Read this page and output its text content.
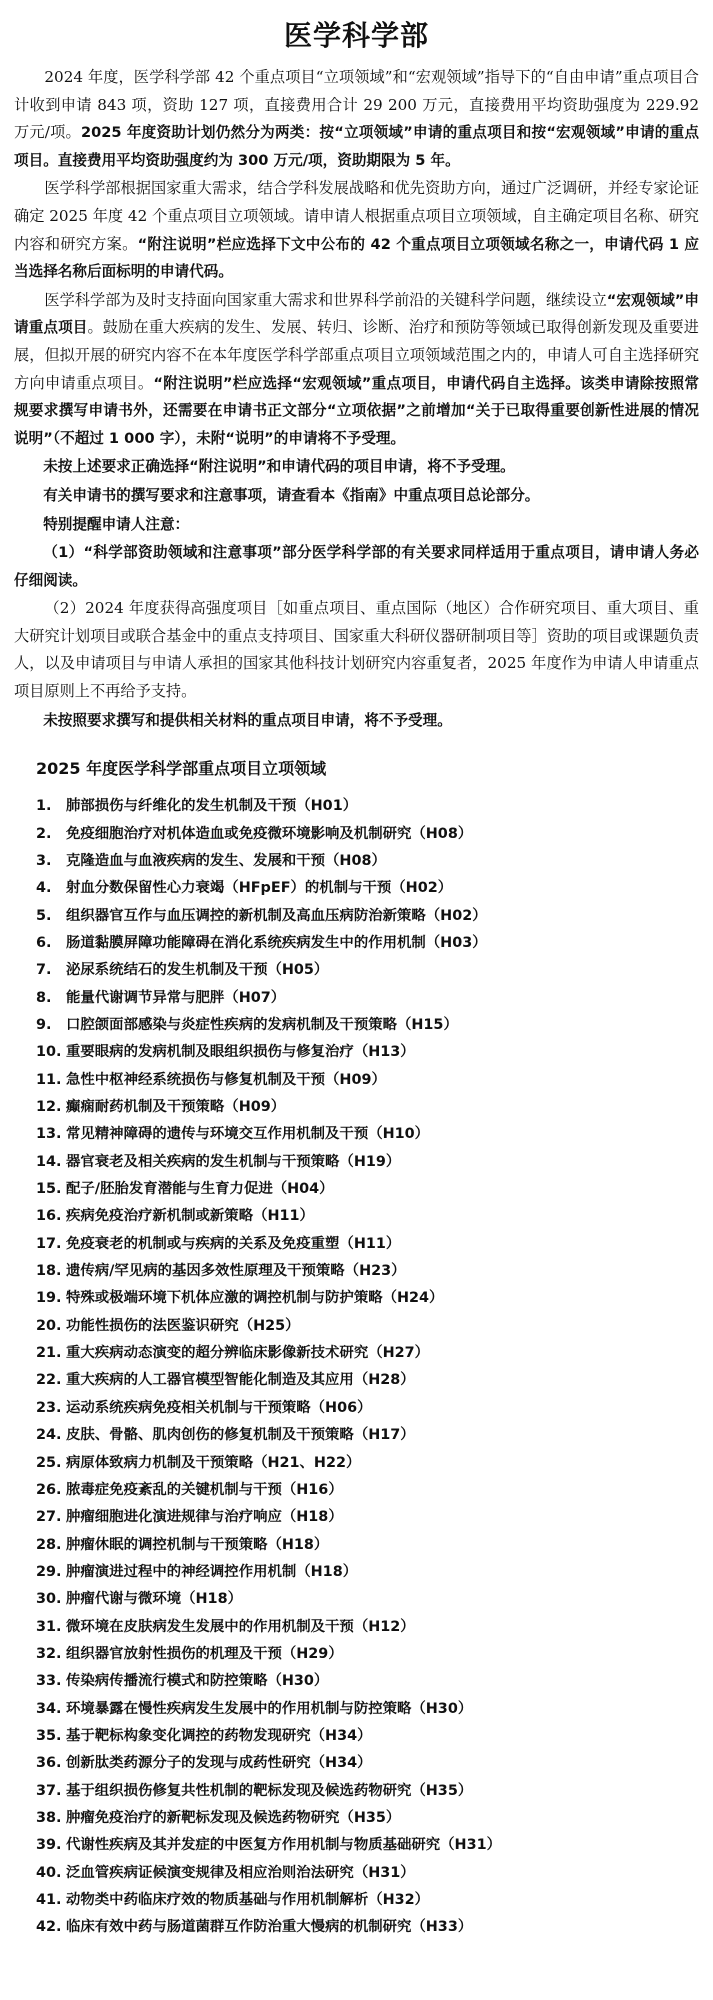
医学科学部

2024 年度，医学科学部 42 个重点项目“立项领域”和“宏观领域”指导下的“自由申请”重点项目合计收到申请 843 项，资助 127 项，直接费用合计 29 200 万元，直接费用平均资助强度为 229.92 万元/项。2025 年度资助计划仍然分为两类：按“立项领域”申请的重点项目和按“宏观领域”申请的重点项目。直接费用平均资助强度约为 300 万元/项，资助期限为 5 年。

医学科学部根据国家重大需求，结合学科发展战略和优先资助方向，通过广泛调研，并经专家论证确定 2025 年度 42 个重点项目立项领域。请申请人根据重点项目立项领域，自主确定项目名称、研究内容和研究方案。“附注说明”栏应选择下文中公布的 42 个重点项目立项领域名称之一，申请代码 1 应当选择名称后面标明的申请代码。

医学科学部为及时支持面向国家重大需求和世界科学前沿的关键科学问题，继续设立“宏观领域”申请重点项目。鼓励在重大疾病的发生、发展、转归、诊断、治疗和预防等领域已取得创新发现及重要进展，但拟开展的研究内容不在本年度医学科学部重点项目立项领域范围之内的，申请人可自主选择研究方向申请重点项目。“附注说明”栏应选择“宏观领域”重点项目，申请代码自主选择。该类申请除按照常规要求撰写申请书外，还需要在申请书正文部分“立项依据”之前增加“关于已取得重要创新性进展的情况说明”（不超过 1 000 字），未附“说明”的申请将不予受理。

未按上述要求正确选择“附注说明”和申请代码的项目申请，将不予受理。

有关申请书的撰写要求和注意事项，请查看本《指南》中重点项目总论部分。

特别提醒申请人注意：

（1）“科学部资助领域和注意事项”部分医学科学部的有关要求同样适用于重点项目，请申请人务必仔细阅读。

（2）2024 年度获得高强度项目［如重点项目、重点国际（地区）合作研究项目、重大项目、重大研究计划项目或联合基金中的重点支持项目、国家重大科研仪器研制项目等］资助的项目或课题负责人，以及申请项目与申请人承担的国家其他科技计划研究内容重复者，2025 年度作为申请人申请重点项目原则上不再给予支持。

未按照要求撰写和提供相关材料的重点项目申请，将不予受理。

2025 年度医学科学部重点项目立项领域
1. 肺部损伤与纤维化的发生机制及干预（H01）
2. 免疫细胞治疗对机体造血或免疫微环境影响及机制研究（H08）
3. 克隆造血与血液疾病的发生、发展和干预（H08）
4. 射血分数保留性心力衰竭（HFpEF）的机制与干预（H02）
5. 组织器官互作与血压调控的新机制及高血压病防治新策略（H02）
6. 肠道黏膜屏障功能障碍在消化系统疾病发生中的作用机制（H03）
7. 泌尿系统结石的发生机制及干预（H05）
8. 能量代谢调节异常与肥胖（H07）
9. 口腔颌面部感染与炎症性疾病的发病机制及干预策略（H15）
10. 重要眼病的发病机制及眼组织损伤与修复治疗（H13）
11. 急性中枢神经系统损伤与修复机制及干预（H09）
12. 癫痫耐药机制及干预策略（H09）
13. 常见精神障碍的遗传与环境交互作用机制及干预（H10）
14. 器官衰老及相关疾病的发生机制与干预策略（H19）
15. 配子/胚胎发育潜能与生育力促进（H04）
16. 疾病免疫治疗新机制或新策略（H11）
17. 免疫衰老的机制或与疾病的关系及免疫重塑（H11）
18. 遗传病/罕见病的基因多效性原理及干预策略（H23）
19. 特殊或极端环境下机体应激的调控机制与防护策略（H24）
20. 功能性损伤的法医鉴识研究（H25）
21. 重大疾病动态演变的超分辨临床影像新技术研究（H27）
22. 重大疾病的人工器官模型智能化制造及其应用（H28）
23. 运动系统疾病免疫相关机制与干预策略（H06）
24. 皮肤、骨骼、肌肉创伤的修复机制及干预策略（H17）
25. 病原体致病力机制及干预策略（H21、H22）
26. 脓毒症免疫紊乱的关键机制与干预（H16）
27. 肿瘤细胞进化演进规律与治疗响应（H18）
28. 肿瘤休眠的调控机制与干预策略（H18）
29. 肿瘤演进过程中的神经调控作用机制（H18）
30. 肿瘤代谢与微环境（H18）
31. 微环境在皮肤病发生发展中的作用机制及干预（H12）
32. 组织器官放射性损伤的机理及干预（H29）
33. 传染病传播流行模式和防控策略（H30）
34. 环境暴露在慢性疾病发生发展中的作用机制与防控策略（H30）
35. 基于靶标构象变化调控的药物发现研究（H34）
36. 创新肽类药源分子的发现与成药性研究（H34）
37. 基于组织损伤修复共性机制的靶标发现及候选药物研究（H35）
38. 肿瘤免疫治疗的新靶标发现及候选药物研究（H35）
39. 代谢性疾病及其并发症的中医复方作用机制与物质基础研究（H31）
40. 泛血管疾病证候演变规律及相应治则治法研究（H31）
41. 动物类中药临床疗效的物质基础与作用机制解析（H32）
42. 临床有效中药与肠道菌群互作防治重大慢病的机制研究（H33）
